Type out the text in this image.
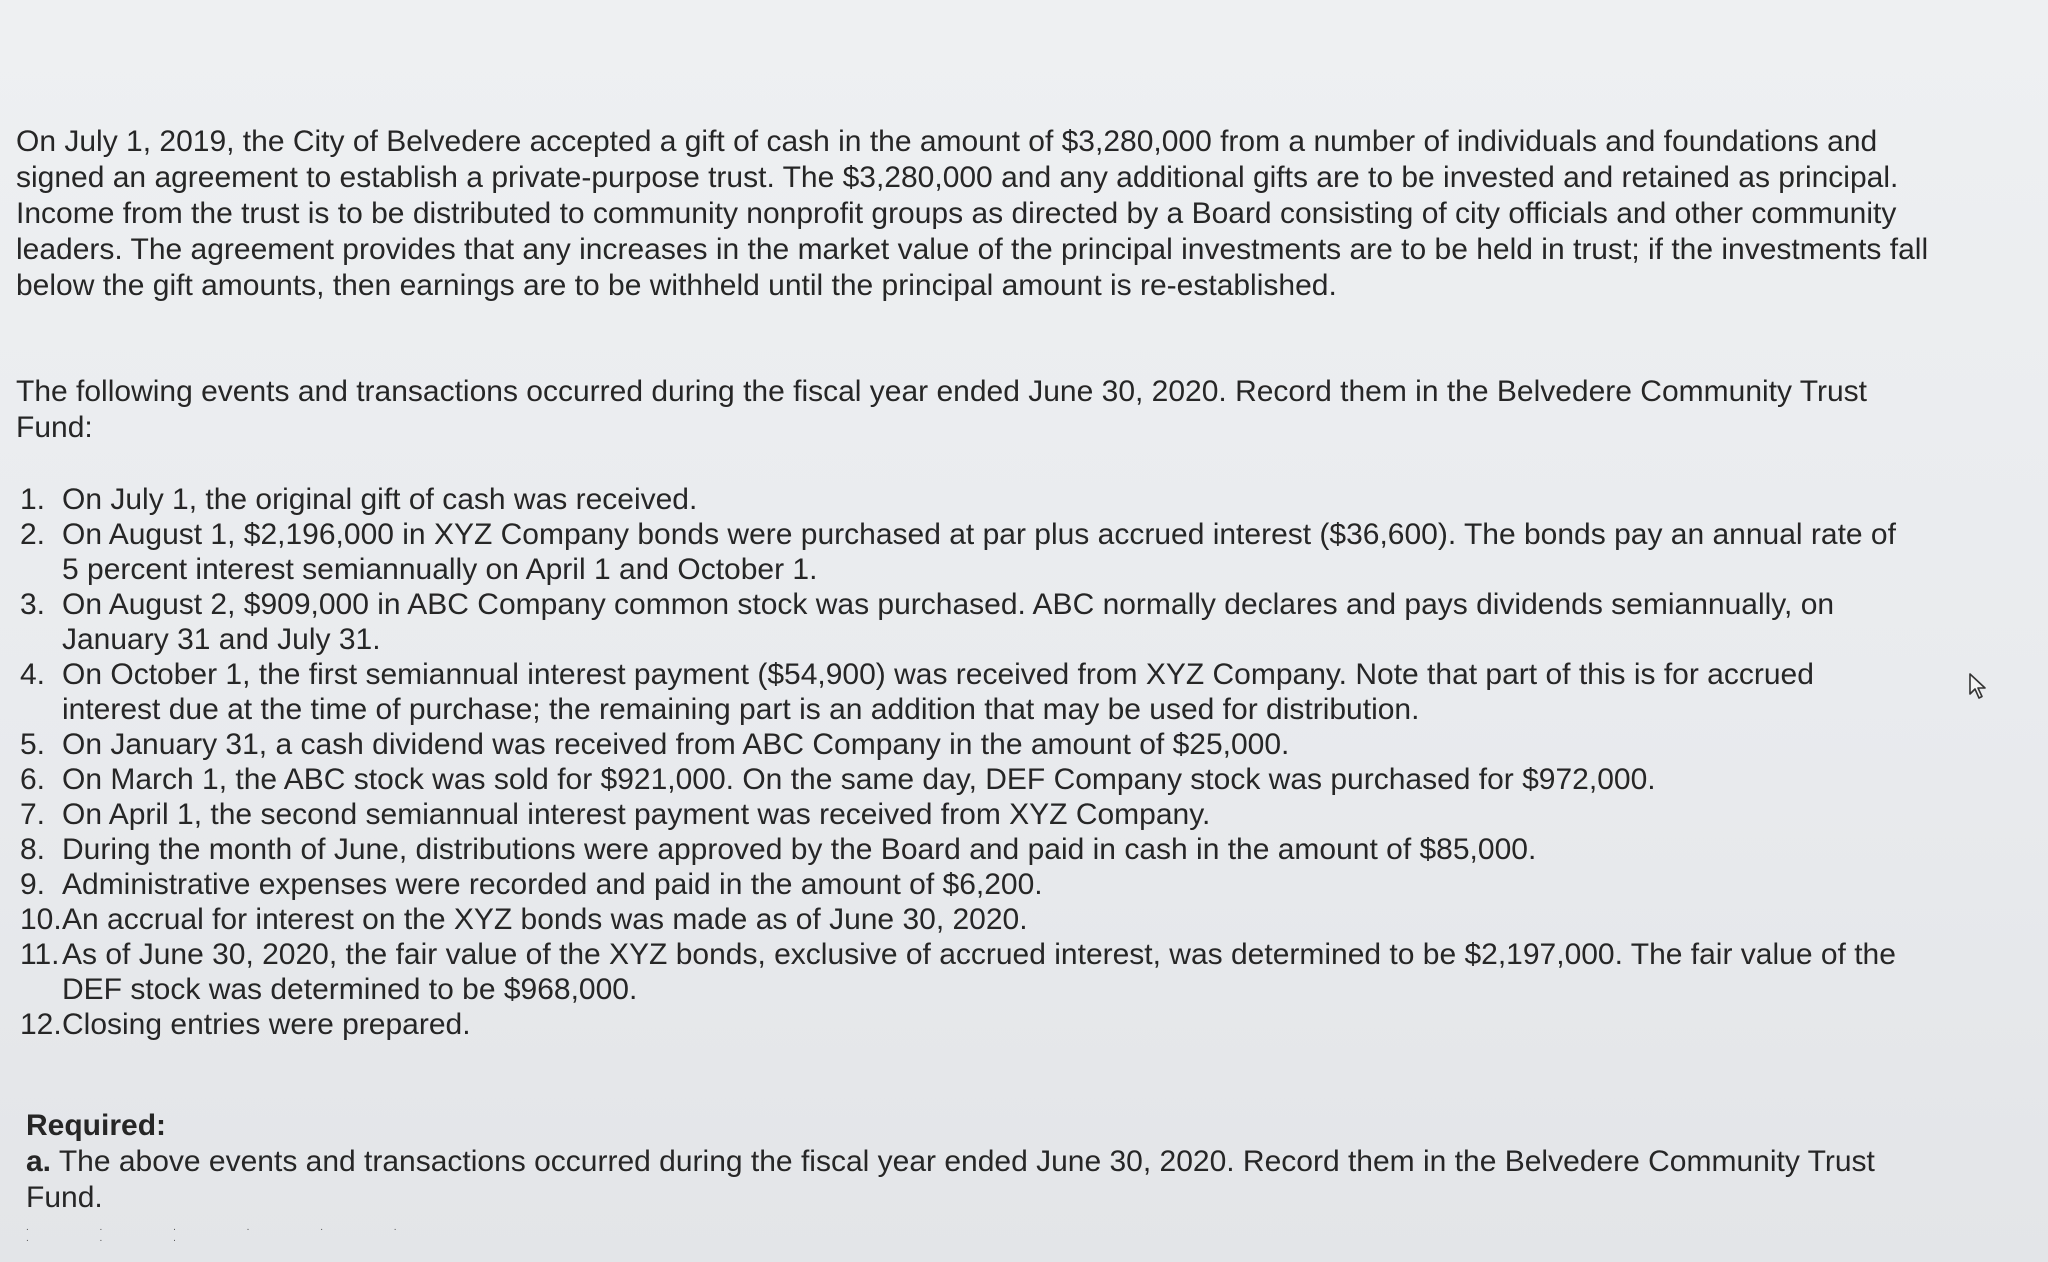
On July 1, 2019, the City of Belvedere accepted a gift of cash in the amount of $3,280,000 from a number of individuals and foundations and signed an agreement to establish a private-purpose trust. The $3,280,000 and any additional gifts are to be invested and retained as principal. Income from the trust is to be distributed to community nonprofit groups as directed by a Board consisting of city officials and other community leaders. The agreement provides that any increases in the market value of the principal investments are to be held in trust; if the investments fall below the gift amounts, then earnings are to be withheld until the principal amount is re-established.

The following events and transactions occurred during the fiscal year ended June 30, 2020. Record them in the Belvedere Community Trust Fund:

1. On July 1, the original gift of cash was received.
2. On August 1, $2,196,000 in XYZ Company bonds were purchased at par plus accrued interest ($36,600). The bonds pay an annual rate of 5 percent interest semiannually on April 1 and October 1.
3. On August 2, $909,000 in ABC Company common stock was purchased. ABC normally declares and pays dividends semiannually, on January 31 and July 31.
4. On October 1, the first semiannual interest payment ($54,900) was received from XYZ Company. Note that part of this is for accrued interest due at the time of purchase; the remaining part is an addition that may be used for distribution.
5. On January 31, a cash dividend was received from ABC Company in the amount of $25,000.
6. On March 1, the ABC stock was sold for $921,000. On the same day, DEF Company stock was purchased for $972,000.
7. On April 1, the second semiannual interest payment was received from XYZ Company.
8. During the month of June, distributions were approved by the Board and paid in cash in the amount of $85,000.
9. Administrative expenses were recorded and paid in the amount of $6,200.
10. An accrual for interest on the XYZ bonds was made as of June 30, 2020.
11. As of June 30, 2020, the fair value of the XYZ bonds, exclusive of accrued interest, was determined to be $2,197,000. The fair value of the DEF stock was determined to be $968,000.
12. Closing entries were prepared.
Required:
a. The above events and transactions occurred during the fiscal year ended June 30, 2020. Record them in the Belvedere Community Trust Fund.
. . . . . . . . .
